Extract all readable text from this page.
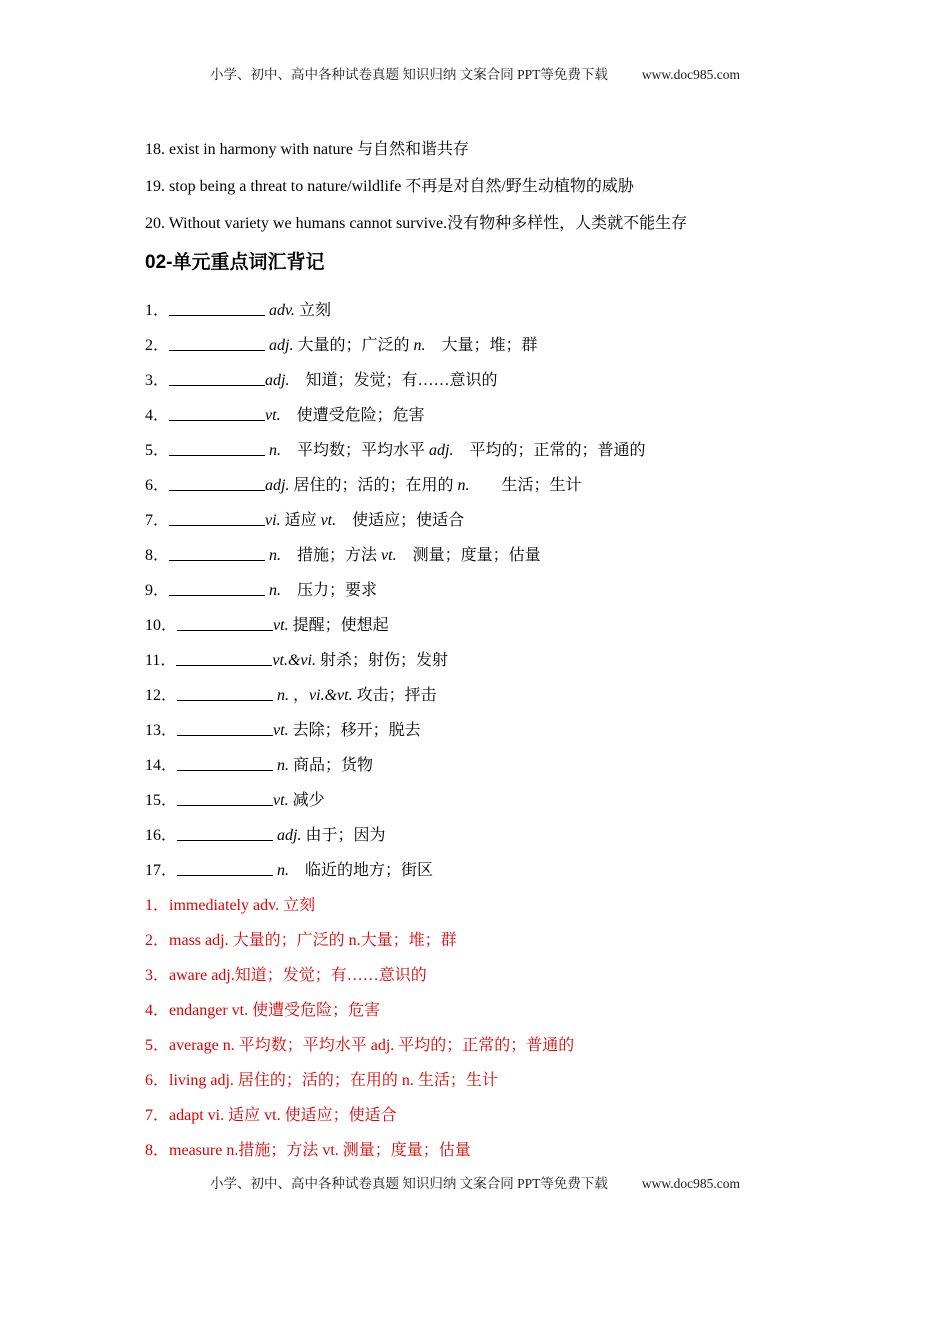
小学、初中、高中各种试卷真题 知识归纳 文案合同 PPT等免费下载	www.doc985.com
18. exist in harmony with nature 与自然和谐共存
19. stop being a threat to nature/wildlife 不再是对自然/野生动植物的威胁
20. Without variety we humans cannot survive.没有物种多样性，人类就不能生存
02-单元重点词汇背记
1．	adv. 立刻
2．	adj. 大量的；广泛的 n.　大量；堆；群
3．	adj.　知道；发觉；有……意识的
4．	vt.　使遭受危险；危害
5．	n.　平均数；平均水平 adj.　平均的；正常的；普通的
6．	adj. 居住的；活的；在用的 n.　　生活；生计
7．	vi. 适应 vt.　使适应；使适合
8．	n.　措施；方法 vt.　测量；度量；估量
9．	n.　压力；要求
10．	vt. 提醒；使想起
11．	vt.&vi. 射杀；射伤；发射
12．	n. ，vi.&vt. 攻击；抨击
13．	vt. 去除；移开；脱去
14．	n. 商品；货物
15．	vt. 减少
16．	adj. 由于；因为
17．	n.　临近的地方；街区
1．immediately adv. 立刻
2．mass adj. 大量的；广泛的 n.大量；堆；群
3．aware adj.知道；发觉；有……意识的
4．endanger vt. 使遭受危险；危害
5．average n. 平均数；平均水平 adj. 平均的；正常的；普通的
6．living adj. 居住的；活的；在用的 n. 生活；生计
7．adapt vi. 适应 vt. 使适应；使适合
8．measure n.措施；方法 vt. 测量；度量；估量
小学、初中、高中各种试卷真题 知识归纳 文案合同 PPT等免费下载	www.doc985.com
